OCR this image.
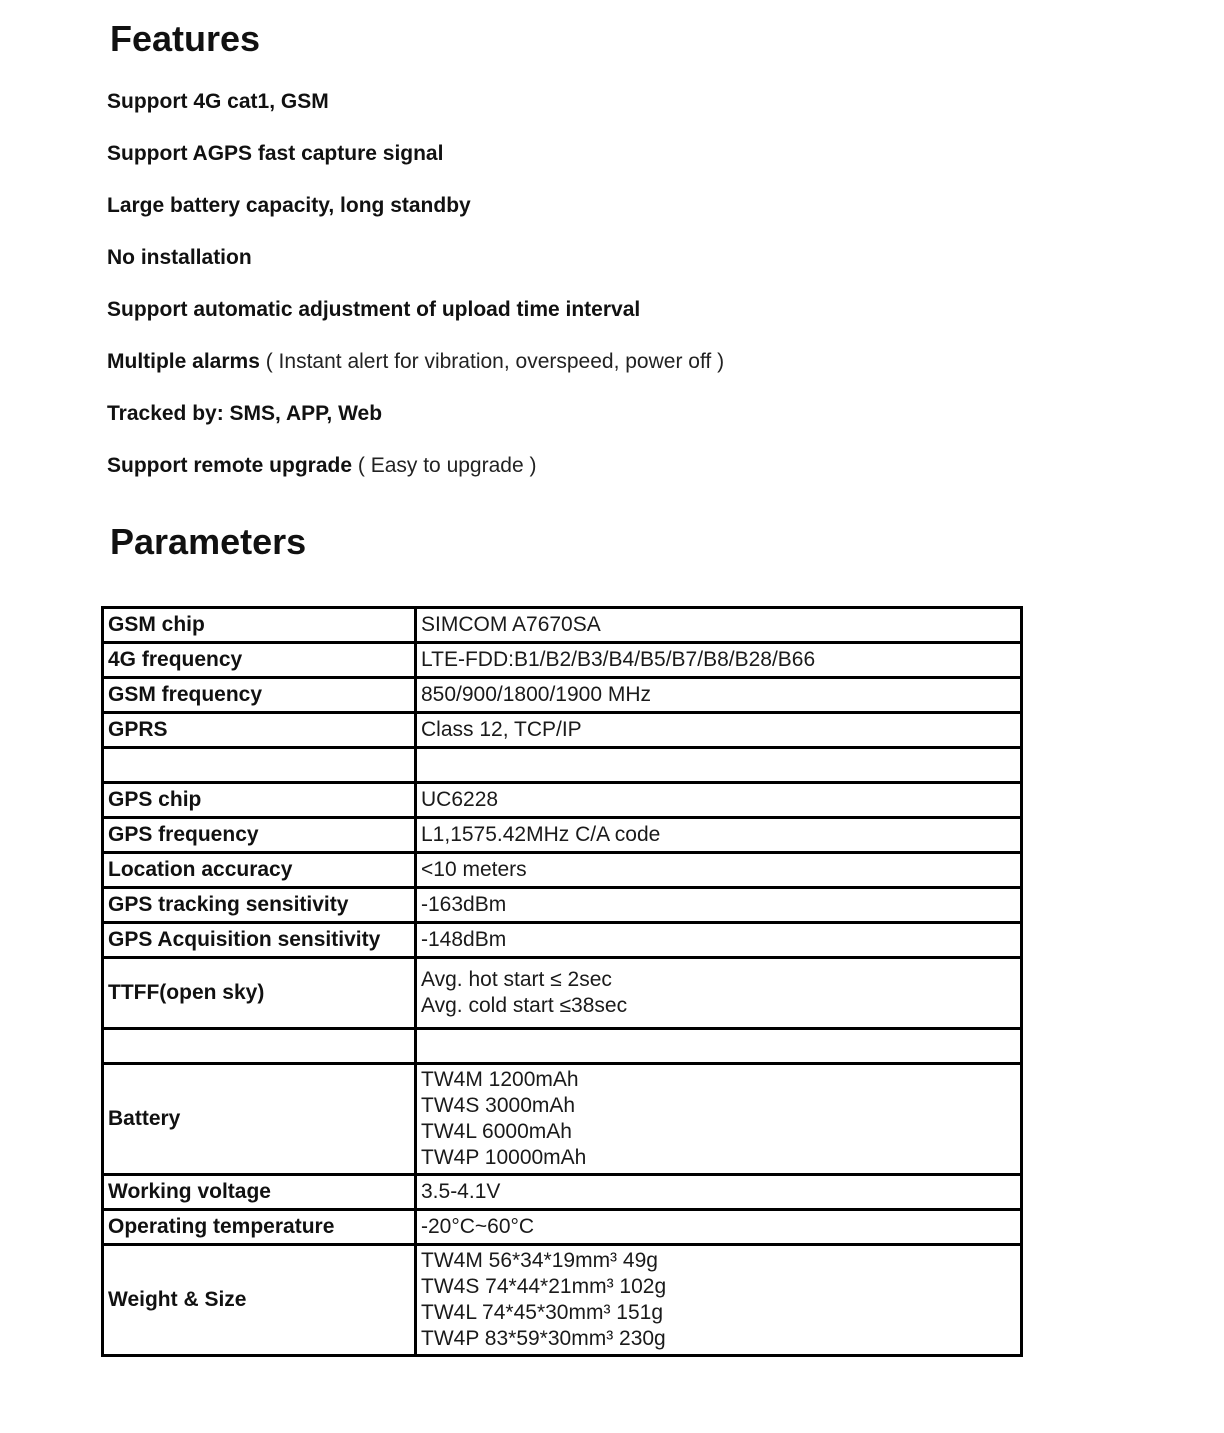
Features
Support 4G cat1, GSM
Support AGPS fast capture signal
Large battery capacity, long standby
No installation
Support automatic adjustment of upload time interval
Multiple alarms ( Instant alert for vibration, overspeed, power off )
Tracked by: SMS, APP, Web
Support remote upgrade ( Easy to upgrade )
Parameters
GSM chip	SIMCOM A7670SA
4G frequency	LTE-FDD:B1/B2/B3/B4/B5/B7/B8/B28/B66
GSM frequency	850/900/1800/1900 MHz
GPRS	Class 12, TCP/IP

GPS chip	UC6228
GPS frequency	L1,1575.42MHz C/A code
Location accuracy	<10 meters
GPS tracking sensitivity	-163dBm
GPS Acquisition sensitivity	-148dBm
TTFF(open sky)	Avg. hot start ≤ 2sec
Avg. cold start ≤38sec

Battery	TW4M 1200mAh
TW4S 3000mAh
TW4L 6000mAh
TW4P 10000mAh
Working voltage	3.5-4.1V
Operating temperature	-20°C~60°C
Weight & Size	TW4M 56*34*19mm³ 49g
TW4S 74*44*21mm³ 102g
TW4L 74*45*30mm³ 151g
TW4P 83*59*30mm³ 230g
